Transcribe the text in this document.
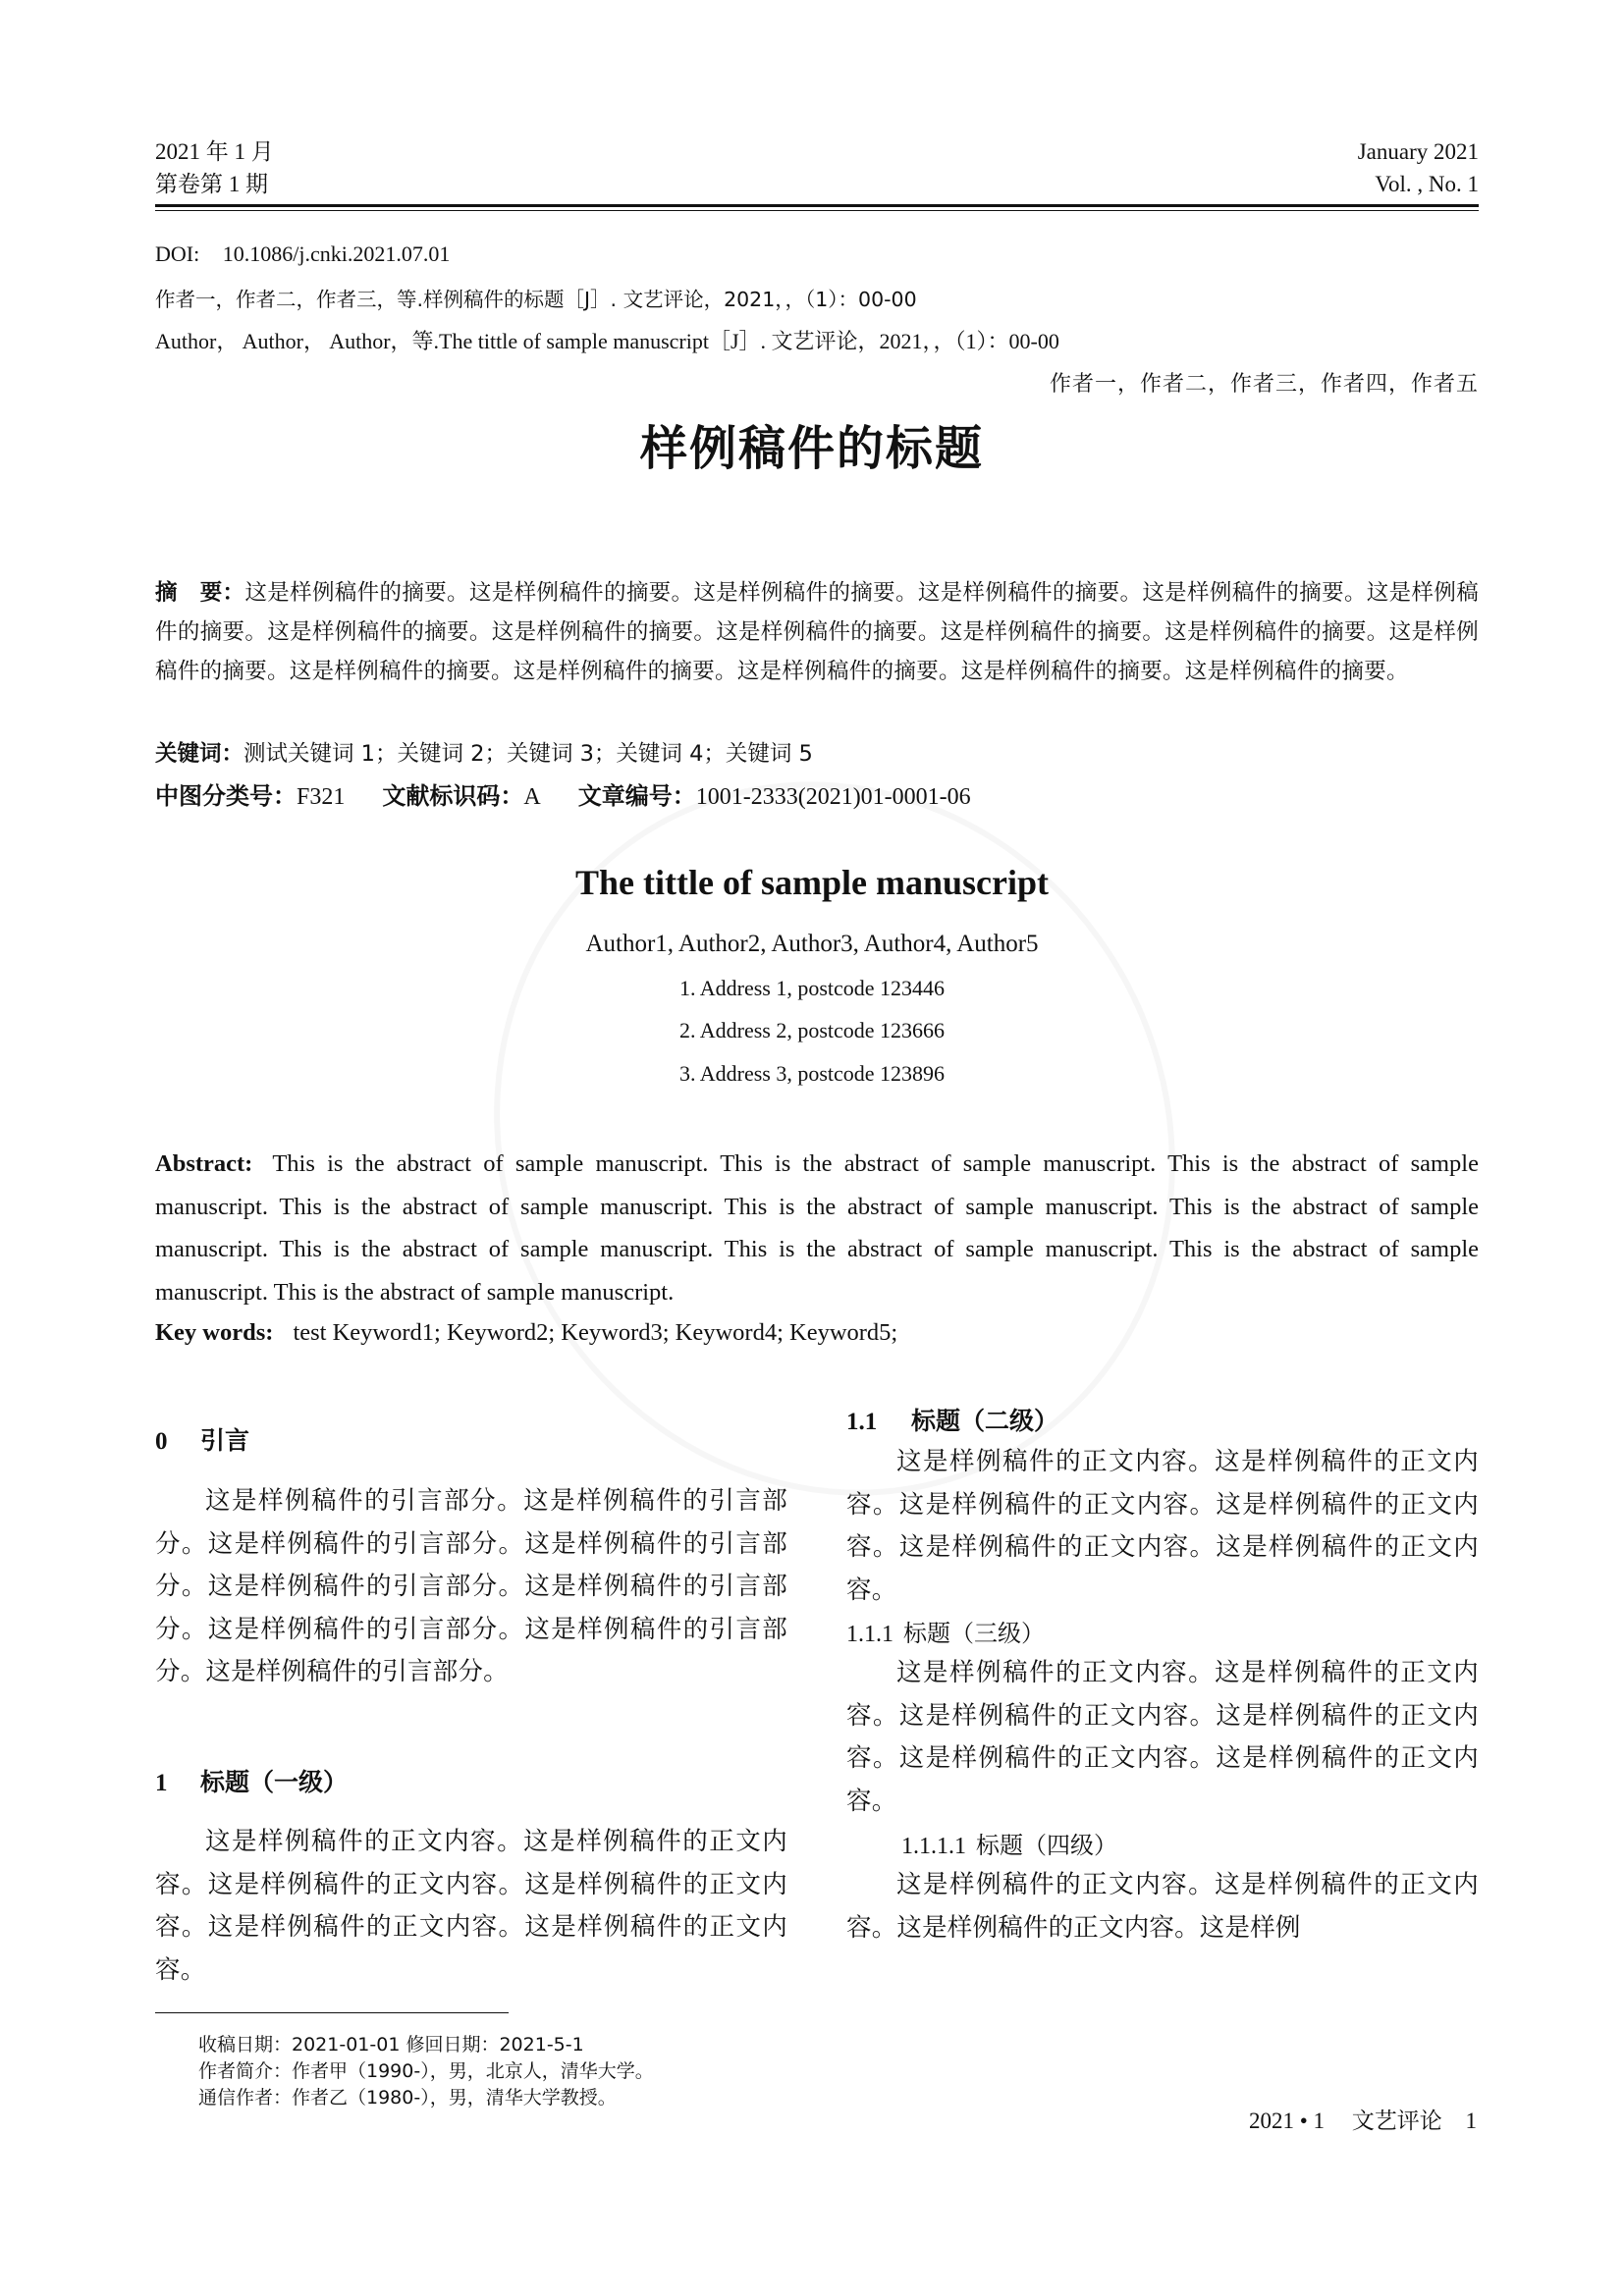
2021 年 1 月
第卷第 1 期
January 2021
Vol. , No. 1
DOI: 10.1086/j.cnki.2021.07.01
作者一，作者二，作者三，等.样例稿件的标题［J］. 文艺评论，2021，，（1）：00-00
Author， Author， Author，等.The tittle of sample manuscript［J］. 文艺评论，2021，，（1）：00-00
作者一，作者二，作者三，作者四，作者五
样例稿件的标题
摘　要：这是样例稿件的摘要。这是样例稿件的摘要。这是样例稿件的摘要。这是样例稿件的摘要。这是样例稿件的摘要。这是样例稿件的摘要。这是样例稿件的摘要。这是样例稿件的摘要。这是样例稿件的摘要。这是样例稿件的摘要。这是样例稿件的摘要。这是样例稿件的摘要。这是样例稿件的摘要。这是样例稿件的摘要。这是样例稿件的摘要。这是样例稿件的摘要。这是样例稿件的摘要。
关键词：测试关键词 1；关键词 2；关键词 3；关键词 4；关键词 5
中图分类号：F321 文献标识码：A 文章编号：1001-2333(2021)01-0001-06
The tittle of sample manuscript
Author1, Author2, Author3, Author4, Author5
1. Address 1, postcode 123446
2. Address 2, postcode 123666
3. Address 3, postcode 123896
Abstract: This is the abstract of sample manuscript. This is the abstract of sample manuscript. This is the abstract of sample manuscript. This is the abstract of sample manuscript. This is the abstract of sample manuscript. This is the abstract of sample manuscript. This is the abstract of sample manuscript. This is the abstract of sample manuscript. This is the abstract of sample manuscript. This is the abstract of sample manuscript.
Key words: test Keyword1; Keyword2; Keyword3; Keyword4; Keyword5;
0 引言
这是样例稿件的引言部分。这是样例稿件的引言部分。这是样例稿件的引言部分。这是样例稿件的引言部分。这是样例稿件的引言部分。这是样例稿件的引言部分。这是样例稿件的引言部分。这是样例稿件的引言部分。这是样例稿件的引言部分。
1 标题（一级）
这是样例稿件的正文内容。这是样例稿件的正文内容。这是样例稿件的正文内容。这是样例稿件的正文内容。这是样例稿件的正文内容。这是样例稿件的正文内容。
1.1 标题（二级）
这是样例稿件的正文内容。这是样例稿件的正文内容。这是样例稿件的正文内容。这是样例稿件的正文内容。这是样例稿件的正文内容。这是样例稿件的正文内容。
1.1.1 标题（三级）
这是样例稿件的正文内容。这是样例稿件的正文内容。这是样例稿件的正文内容。这是样例稿件的正文内容。这是样例稿件的正文内容。这是样例稿件的正文内容。
1.1.1.1 标题（四级）
这是样例稿件的正文内容。这是样例稿件的正文内容。这是样例稿件的正文内容。这是样例
收稿日期：2021-01-01 修回日期：2021-5-1
作者简介：作者甲（1990-），男，北京人，清华大学。
通信作者：作者乙（1980-），男，清华大学教授。
2021 • 1 文艺评论 1
